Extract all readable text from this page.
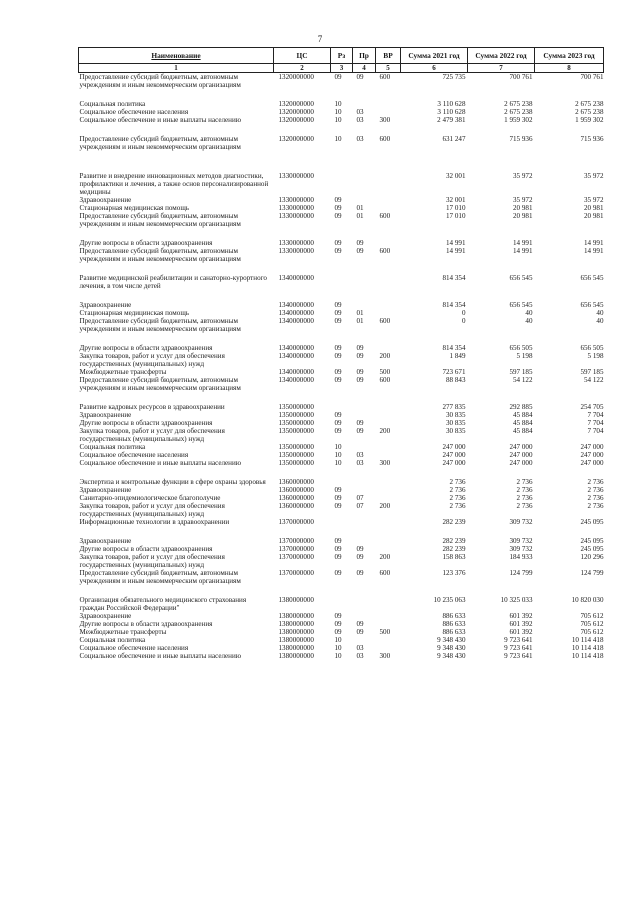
7
Наименование	ЦС	Рз	Пр	ВР	Сумма 2021 год	Сумма 2022 год	Сумма 2023 год
1	2	3	4	5	6	7	8
Предоставление субсидий бюджетным, автономным учреждениям и иным некоммерческим организациям	1320000000	09	09	600	725 735	700 761	700 761

Социальная политика	1320000000	10			3 110 628	2 675 238	2 675 238
Социальное обеспечение населения	1320000000	10	03		3 110 628	2 675 238	2 675 238
Социальное обеспечение и иные выплаты населению	1320000000	10	03	300	2 479 381	1 959 302	1 959 302

Предоставление субсидий бюджетным, автономным учреждениям и иным некоммерческим организациям	1320000000	10	03	600	631 247	715 936	715 936

Развитие и внедрение инновационных методов диагностики, профилактики и лечения, а также основ персонализированной медицины	1330000000				32 001	35 972	35 972
Здравоохранение	1330000000	09			32 001	35 972	35 972
Стационарная медицинская помощь	1330000000	09	01		17 010	20 981	20 981
Предоставление субсидий бюджетным, автономным учреждениям и иным некоммерческим организациям	1330000000	09	01	600	17 010	20 981	20 981

Другие вопросы в области здравоохранения	1330000000	09	09		14 991	14 991	14 991
Предоставление субсидий бюджетным, автономным учреждениям и иным некоммерческим организациям	1330000000	09	09	600	14 991	14 991	14 991

Развитие медицинской реабилитации и санаторно-курортного лечения, в том числе детей	1340000000				814 354	656 545	656 545

Здравоохранение	1340000000	09			814 354	656 545	656 545
Стационарная медицинская помощь	1340000000	09	01		0	40	40
Предоставление субсидий бюджетным, автономным учреждениям и иным некоммерческим организациям	1340000000	09	01	600	0	40	40

Другие вопросы в области здравоохранения	1340000000	09	09		814 354	656 505	656 505
Закупка товаров, работ и услуг для обеспечения государственных (муниципальных) нужд	1340000000	09	09	200	1 849	5 198	5 198
Межбюджетные трансферты	1340000000	09	09	500	723 671	597 185	597 185
Предоставление субсидий бюджетным, автономным учреждениям и иным некоммерческим организациям	1340000000	09	09	600	88 843	54 122	54 122

Развитие кадровых ресурсов в здравоохранении	1350000000				277 835	292 885	254 705
Здравоохранение	1350000000	09			30 835	45 884	7 704
Другие вопросы в области здравоохранения	1350000000	09	09		30 835	45 884	7 704
Закупка товаров, работ и услуг для обеспечения государственных (муниципальных) нужд	1350000000	09	09	200	30 835	45 884	7 704
Социальная политика	1350000000	10			247 000	247 000	247 000
Социальное обеспечение населения	1350000000	10	03		247 000	247 000	247 000
Социальное обеспечение и иные выплаты населению	1350000000	10	03	300	247 000	247 000	247 000

Экспертиза и контрольные функции в сфере охраны здоровья	1360000000				2 736	2 736	2 736
Здравоохранение	1360000000	09			2 736	2 736	2 736
Санитарно-эпидемиологическое благополучие	1360000000	09	07		2 736	2 736	2 736
Закупка товаров, работ и услуг для обеспечения государственных (муниципальных) нужд	1360000000	09	07	200	2 736	2 736	2 736
Информационные технологии в здравоохранении	1370000000				282 239	309 732	245 095

Здравоохранение	1370000000	09			282 239	309 732	245 095
Другие вопросы в области здравоохранения	1370000000	09	09		282 239	309 732	245 095
Закупка товаров, работ и услуг для обеспечения государственных (муниципальных) нужд	1370000000	09	09	200	158 863	184 933	120 296
Предоставление субсидий бюджетным, автономным учреждениям и иным некоммерческим организациям	1370000000	09	09	600	123 376	124 799	124 799

Организация обязательного медицинского страхования граждан Российской Федерации"	1380000000				10 235 063	10 325 033	10 820 030
Здравоохранение	1380000000	09			886 633	601 392	705 612
Другие вопросы в области здравоохранения	1380000000	09	09		886 633	601 392	705 612
Межбюджетные трансферты	1380000000	09	09	500	886 633	601 392	705 612
Социальная политика	1380000000	10			9 348 430	9 723 641	10 114 418
Социальное обеспечение населения	1380000000	10	03		9 348 430	9 723 641	10 114 418
Социальное обеспечение и иные выплаты населению	1380000000	10	03	300	9 348 430	9 723 641	10 114 418
